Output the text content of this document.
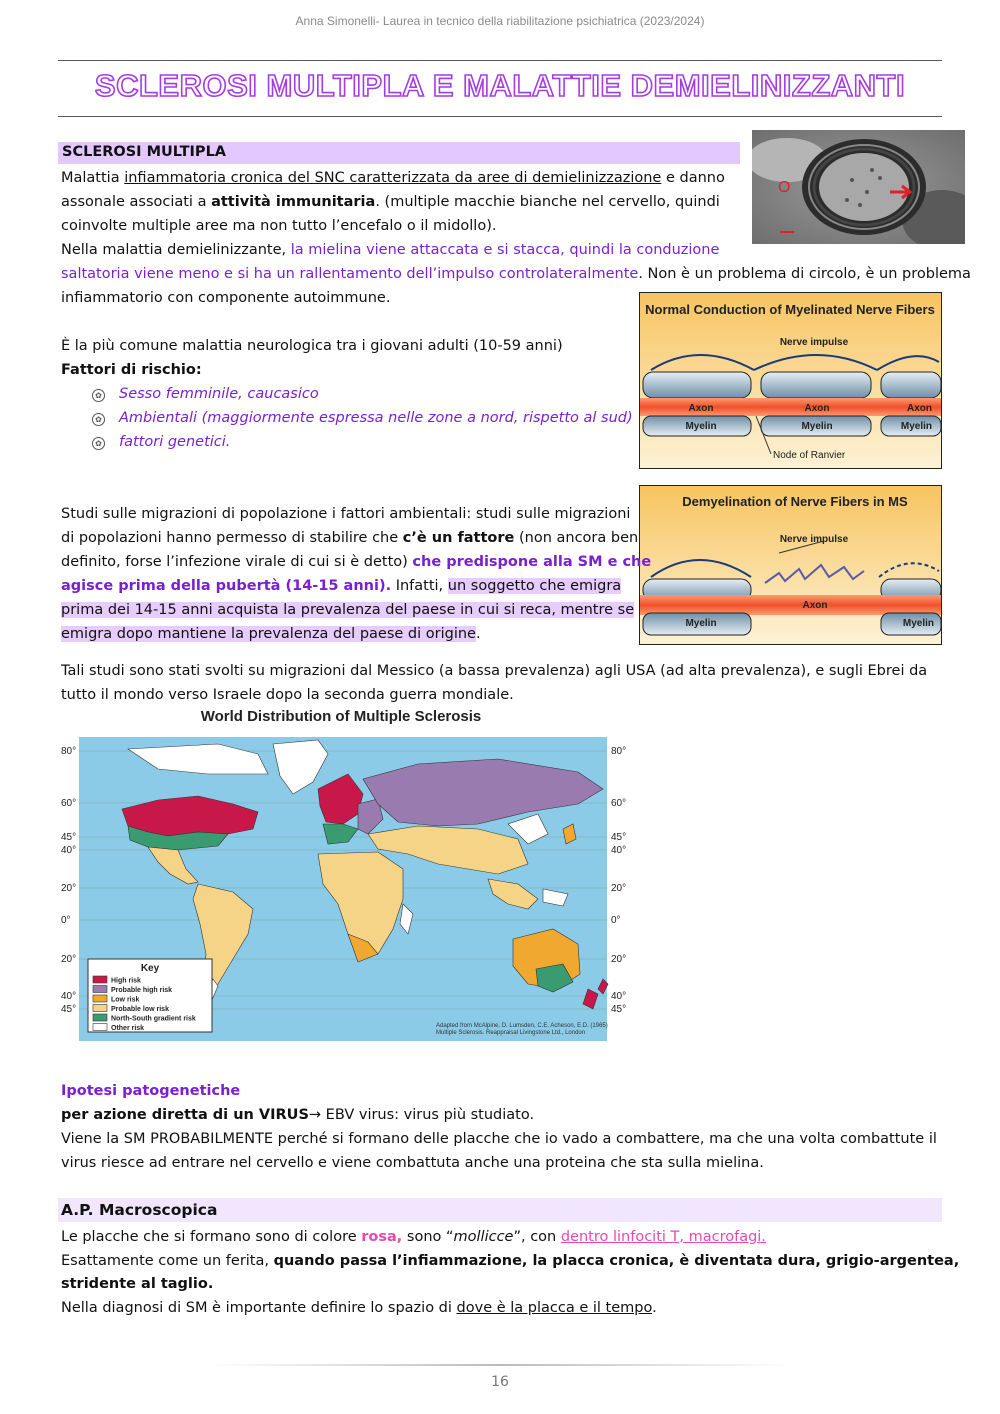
Anna Simonelli- Laurea in tecnico della riabilitazione psichiatrica (2023/2024)
SCLEROSI MULTIPLA E MALATTIE DEMIELINIZZANTI
SCLEROSI MULTIPLA
O
Malattia infiammatoria cronica del SNC caratterizzata da aree di demielinizzazione e danno
assonale associati a attività immunitaria. (multiple macchie bianche nel cervello, quindi
coinvolte multiple aree ma non tutto l’encefalo o il midollo).
Nella malattia demielinizzante, la mielina viene attaccata e si stacca, quindi la conduzione
saltatoria viene meno e si ha un rallentamento dell’impulso controlateralmente. Non è un problema di circolo, è un problema
infiammatorio con componente autoimmune.
È la più comune malattia neurologica tra i giovani adulti (10-59 anni)
Fattori di rischio:
✿ Sesso femminile, caucasico
✿ Ambientali (maggiormente espressa nelle zone a nord, rispetto al sud)
✿ fattori genetici.
Normal Conduction of Myelinated Nerve Fibers
Nerve impulse
Axon	Axon	Axon
Myelin	Myelin	Myelin
Node of Ranvier
Demyelination of Nerve Fibers in MS
Nerve impulse
Axon
Myelin	Myelin
Studi sulle migrazioni di popolazione i fattori ambientali: studi sulle migrazioni
di popolazioni hanno permesso di stabilire che c’è un fattore (non ancora ben
definito, forse l’infezione virale di cui si è detto) che predispone alla SM e che
agisce prima della pubertà (14-15 anni). Infatti, un soggetto che emigra
prima dei 14-15 anni acquista la prevalenza del paese in cui si reca, mentre se
emigra dopo mantiene la prevalenza del paese di origine.
Tali studi sono stati svolti su migrazioni dal Messico (a bassa prevalenza) agli USA (ad alta prevalenza), e sugli Ebrei da
tutto il mondo verso Israele dopo la seconda guerra mondiale.
World Distribution of Multiple Sclerosis
80°
60°
45°
40°
20°
0°
20°
40°
45°
80°
60°
45°
40°
20°
0°
20°
40°
45°
Key
High risk
Probable high risk
Low risk
Probable low risk
North-South gradient risk
Other risk	Adapted from McAlpine, D. Lumsden, C.E. Acheson, E.D. (1965)
Multiple Sclerosis. Reappraisal Livingstone Ltd., London
Ipotesi patogenetiche
per azione diretta di un VIRUS→ EBV virus: virus più studiato.
Viene la SM PROBABILMENTE perché si formano delle placche che io vado a combattere, ma che una volta combattute il
virus riesce ad entrare nel cervello e viene combattuta anche una proteina che sta sulla mielina.
A.P. Macroscopica
Le placche che si formano sono di colore rosa, sono “mollicce”, con dentro linfociti T, macrofagi.
Esattamente come un ferita, quando passa l’infiammazione, la placca cronica, è diventata dura, grigio-argentea,
stridente al taglio.
Nella diagnosi di SM è importante definire lo spazio di dove è la placca e il tempo.
16
